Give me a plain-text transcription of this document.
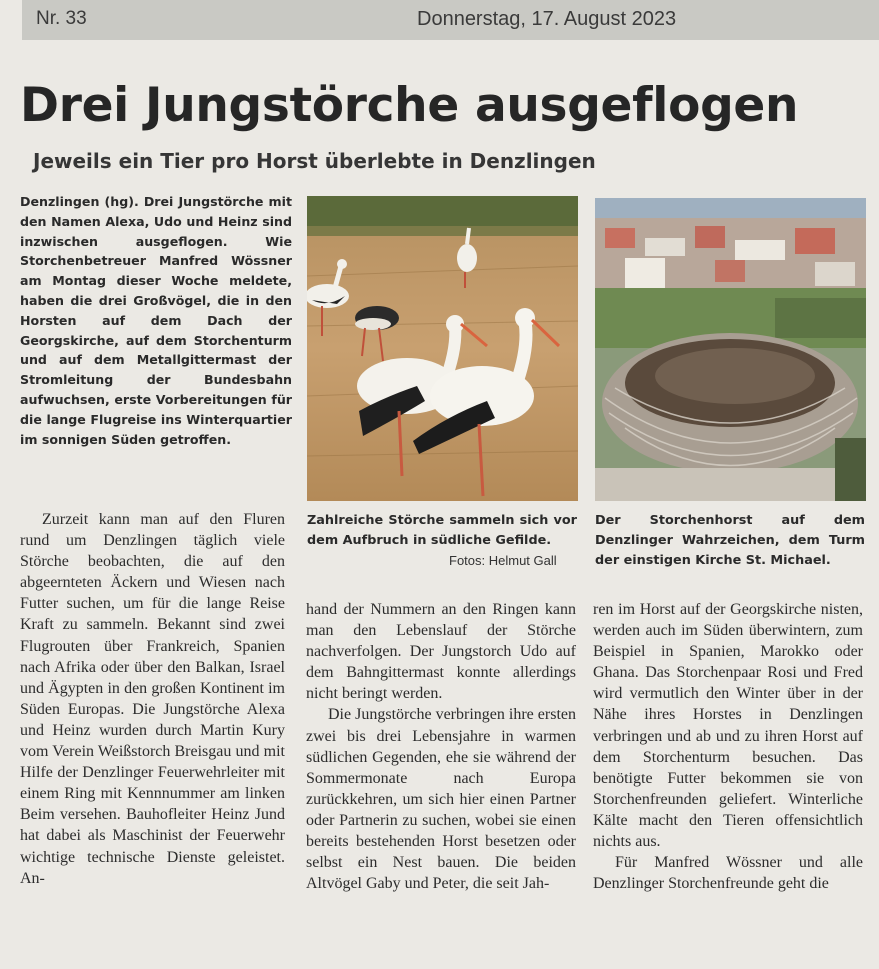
Nr. 33	Donnerstag, 17. August 2023
Drei Jungstörche ausgeflogen
Jeweils ein Tier pro Horst überlebte in Denzlingen
Denzlingen (hg). Drei Jungstörche mit den Namen Alexa, Udo und Heinz sind inzwischen ausgeflogen. Wie Storchenbetreuer Manfred Wössner am Montag dieser Woche meldete, haben die drei Großvögel, die in den Horsten auf dem Dach der Georgskirche, auf dem Storchenturm und auf dem Metallgittermast der Stromleitung der Bundesbahn aufwuchsen, erste Vorbereitungen für die lange Flugreise ins Winterquartier im sonnigen Süden getroffen.

Zurzeit kann man auf den Fluren rund um Denzlingen täglich viele Störche beobachten, die auf den abgeernteten Äckern und Wiesen nach Futter suchen, um für die lange Reise Kraft zu sammeln. Bekannt sind zwei Flugrouten über Frankreich, Spanien nach Afrika oder über den Balkan, Israel und Ägypten in den großen Kontinent im Süden Europas. Die Jungstörche Alexa und Heinz wurden durch Martin Kury vom Verein Weißstorch Breisgau und mit Hilfe der Denzlinger Feuerwehrleiter mit einem Ring mit Kennnummer am linken Beim versehen. Bauhofleiter Heinz Jund hat dabei als Maschinist der Feuerwehr wichtige technische Dienste geleistet. An-

Zahlreiche Störche sammeln sich vor dem Aufbruch in südliche Gefilde.
Fotos: Helmut Gall
Der Storchenhorst auf dem Denzlinger Wahrzeichen, dem Turm der einstigen Kirche St. Michael.

hand der Nummern an den Ringen kann man den Lebenslauf der Störche nachverfolgen. Der Jungstorch Udo auf dem Bahngittermast konnte allerdings nicht beringt werden.

Die Jungstörche verbringen ihre ersten zwei bis drei Lebensjahre in warmen südlichen Gegenden, ehe sie während der Sommermonate nach Europa zurückkehren, um sich hier einen Partner oder Partnerin zu suchen, wobei sie einen bereits bestehenden Horst besetzen oder selbst ein Nest bauen. Die beiden Altvögel Gaby und Peter, die seit Jah-

ren im Horst auf der Georgskirche nisten, werden auch im Süden überwintern, zum Beispiel in Spanien, Marokko oder Ghana. Das Storchenpaar Rosi und Fred wird vermutlich den Winter über in der Nähe ihres Horstes in Denzlingen verbringen und ab und zu ihren Horst auf dem Storchenturm besuchen. Das benötigte Futter bekommen sie von Storchenfreunden geliefert. Winterliche Kälte macht den Tieren offensichtlich nichts aus.

Für Manfred Wössner und alle Denzlinger Storchenfreunde geht die
